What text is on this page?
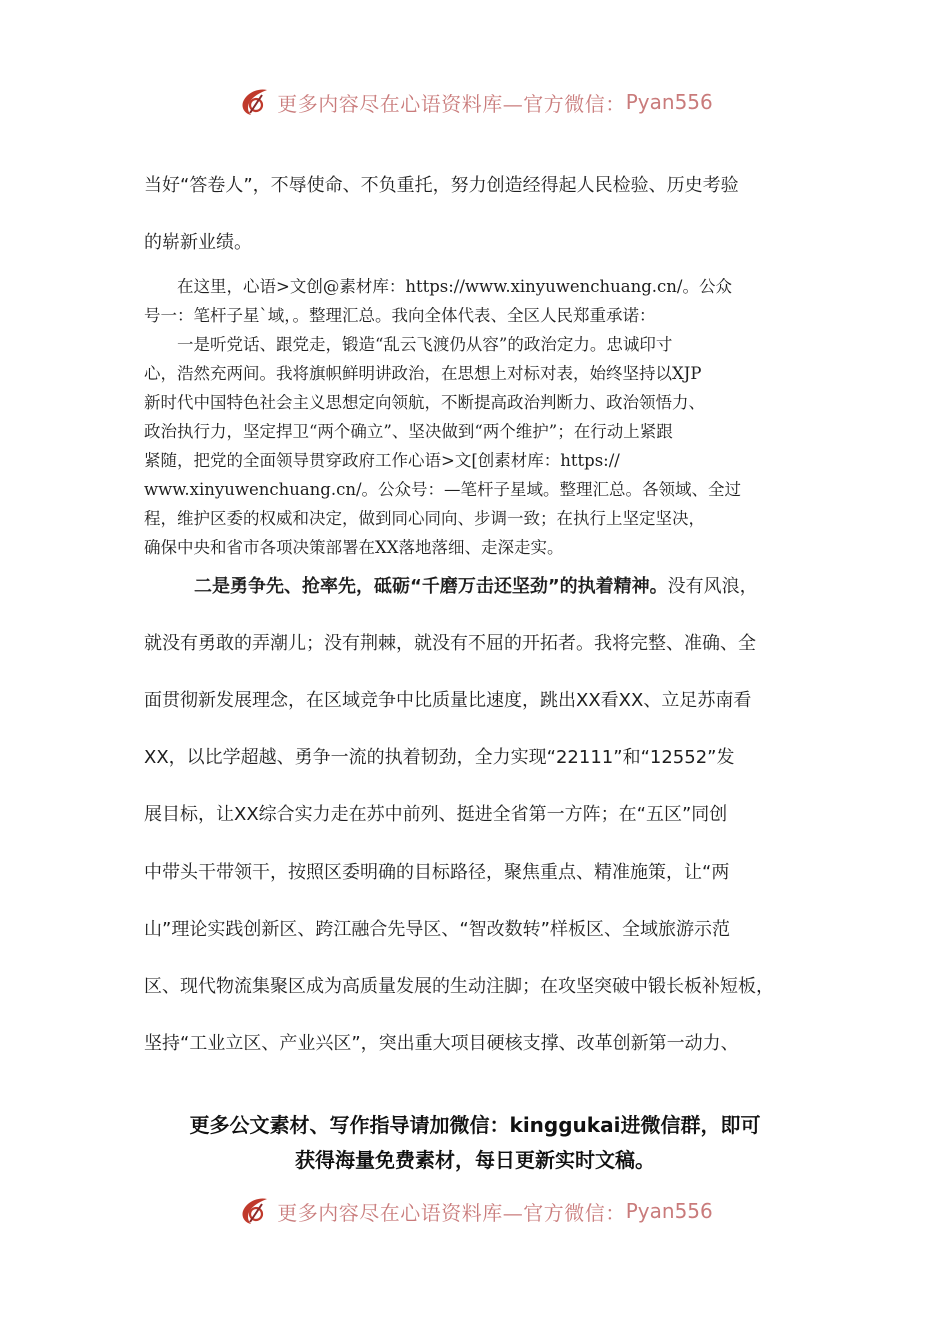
更多内容尽在心语资料库—官方微信： Pyan556
当好“答卷人”，不辱使命、不负重托，努力创造经得起人民检验、历史考验
的崭新业绩。

　　在这里，心语>文创@素材库：https://www.xinyuwenchuang.cn/。公众

号一：笔杆子星`域，。整理汇总。我向全体代表、全区人民郑重承诺：

　　一是听党话、跟党走，锻造“乱云飞渡仍从容”的政治定力。忠诚印寸

心，浩然充两间。我将旗帜鲜明讲政治，在思想上对标对表，始终坚持以XJP

新时代中国特色社会主义思想定向领航，不断提高政治判断力、政治领悟力、

政治执行力，坚定捍卫“两个确立”、坚决做到“两个维护”；在行动上紧跟

紧随，把党的全面领导贯穿政府工作心语>文[创素材库：https://

www.xinyuwenchuang.cn/。公众号：—笔杆子星域。整理汇总。各领域、全过

程，维护区委的权威和决定，做到同心同向、步调一致；在执行上坚定坚决，

确保中央和省市各项决策部署在XX落地落细、走深走实。

二是勇争先、抢率先，砥砺“千磨万击还坚劲”的执着精神。没有风浪，
就没有勇敢的弄潮儿；没有荆棘，就没有不屈的开拓者。我将完整、准确、全
面贯彻新发展理念，在区域竞争中比质量比速度，跳出XX看XX、立足苏南看
XX，以比学超越、勇争一流的执着韧劲，全力实现“22111”和“12552”发
展目标，让XX综合实力走在苏中前列、挺进全省第一方阵；在“五区”同创
中带头干带领干，按照区委明确的目标路径，聚焦重点、精准施策，让“两
山”理论实践创新区、跨江融合先导区、“智改数转”样板区、全域旅游示范
区、现代物流集聚区成为高质量发展的生动注脚；在攻坚突破中锻长板补短板，
坚持“工业立区、产业兴区”，突出重大项目硬核支撑、改革创新第一动力、
更多公文素材、写作指导请加微信：kinggukai进微信群，即可
获得海量免费素材，每日更新实时文稿。
更多内容尽在心语资料库—官方微信： Pyan556
